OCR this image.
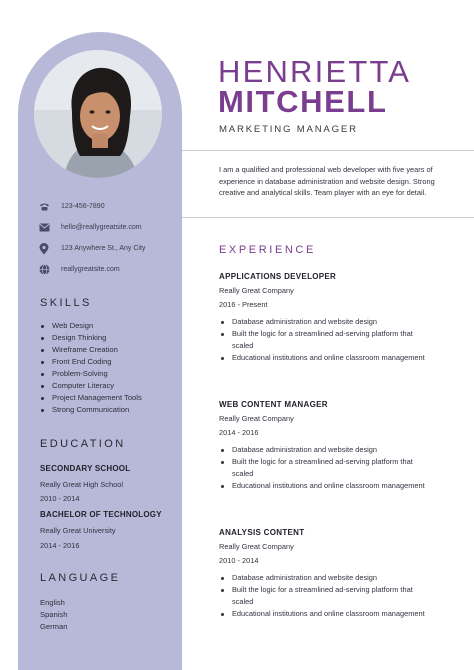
123-456-7890
hello@reallygreatsite.com
123 Anywhere St., Any City
reallygreatsite.com
SKILLS
Web Design
Design Thinking
Wireframe Creation
Front End Coding
Problem-Solving
Computer Literacy
Project Management Tools
Strong Communication
EDUCATION
SECONDARY SCHOOL
Really Great High School
2010 - 2014
BACHELOR OF TECHNOLOGY
Really Great University
2014 - 2016
LANGUAGE
English
Spanish
German
HENRIETTA
MITCHELL
MARKETING MANAGER
I am a qualified and professional web developer with five years of experience in database administration and website design. Strong creative and analytical skills. Team player with an eye for detail.
EXPERIENCE
APPLICATIONS DEVELOPER
Really Great Company
2016 - Present
Database administration and website design
Built the logic for a streamlined ad-serving platform that scaled
Educational institutions and online classroom management
WEB CONTENT MANAGER
Really Great Company
2014 - 2016
Database administration and website design
Built the logic for a streamlined ad-serving platform that scaled
Educational institutions and online classroom management
ANALYSIS CONTENT
Really Great Company
2010 - 2014
Database administration and website design
Built the logic for a streamlined ad-serving platform that scaled
Educational institutions and online classroom management
